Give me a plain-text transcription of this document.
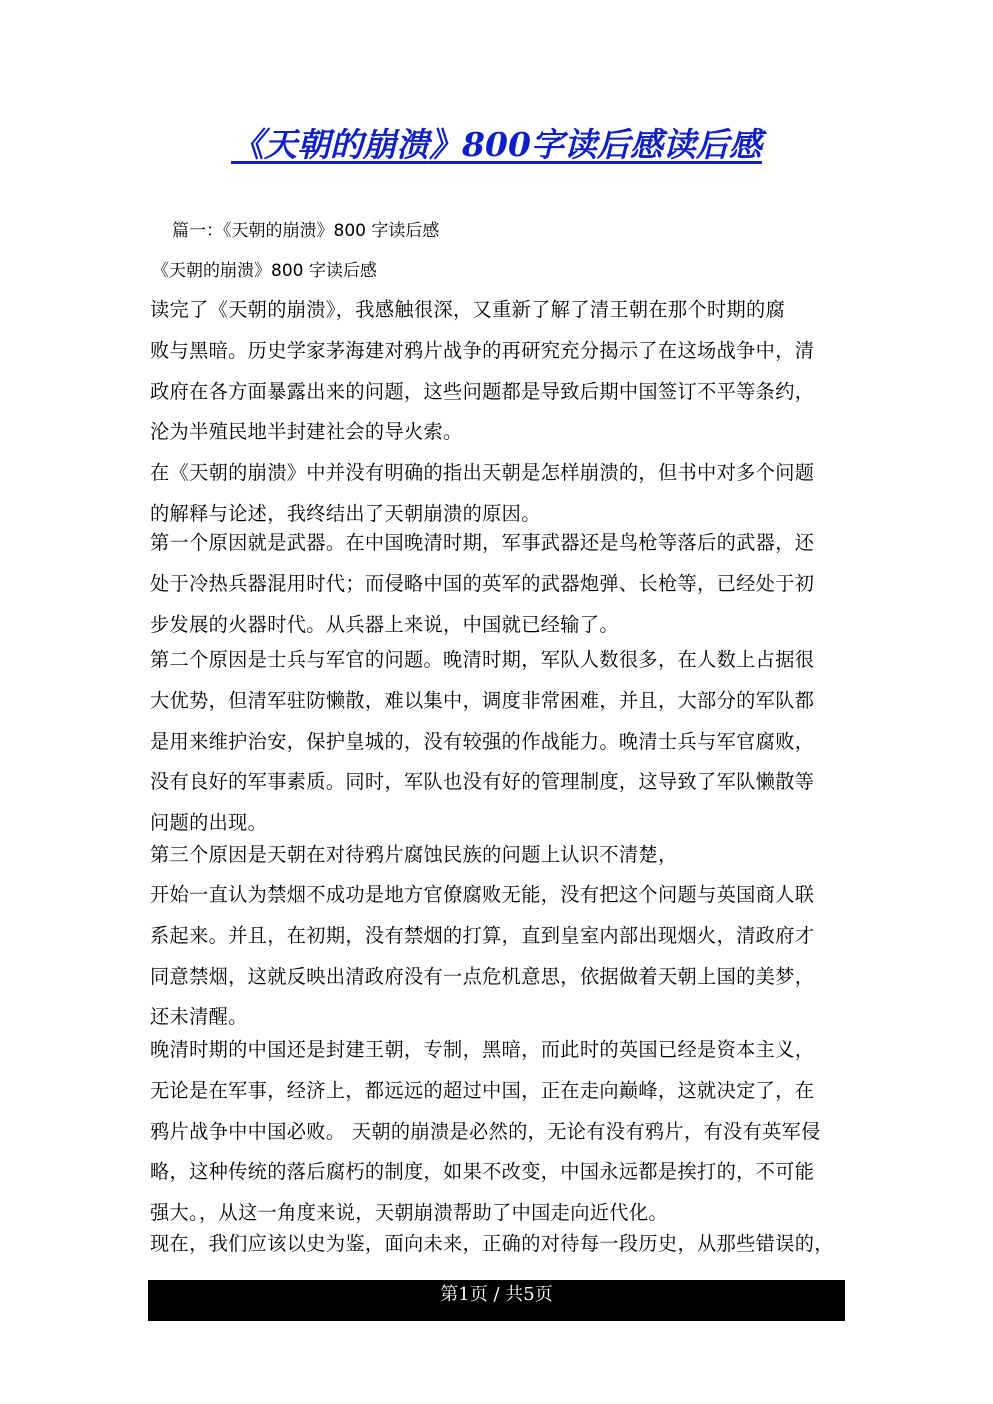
《天朝的崩溃》800字读后感读后感
篇一：《天朝的崩溃》800 字读后感
《天朝的崩溃》800 字读后感
读完了《天朝的崩溃》，我感触很深，又重新了解了清王朝在那个时期的腐
败与黑暗。历史学家茅海建对鸦片战争的再研究充分揭示了在这场战争中，清
政府在各方面暴露出来的问题，这些问题都是导致后期中国签订不平等条约，
沦为半殖民地半封建社会的导火索。
在《天朝的崩溃》中并没有明确的指出天朝是怎样崩溃的，但书中对多个问题
的解释与论述，我终结出了天朝崩溃的原因。
第一个原因就是武器。在中国晚清时期，军事武器还是鸟枪等落后的武器，还
处于冷热兵器混用时代；而侵略中国的英军的武器炮弹、长枪等，已经处于初
步发展的火器时代。从兵器上来说，中国就已经输了。
第二个原因是士兵与军官的问题。晚清时期，军队人数很多，在人数上占据很
大优势，但清军驻防懒散，难以集中，调度非常困难，并且，大部分的军队都
是用来维护治安，保护皇城的，没有较强的作战能力。晚清士兵与军官腐败，
没有良好的军事素质。同时，军队也没有好的管理制度，这导致了军队懒散等
问题的出现。
第三个原因是天朝在对待鸦片腐蚀民族的问题上认识不清楚，
开始一直认为禁烟不成功是地方官僚腐败无能，没有把这个问题与英国商人联
系起来。并且，在初期，没有禁烟的打算，直到皇室内部出现烟火，清政府才
同意禁烟，这就反映出清政府没有一点危机意思，依据做着天朝上国的美梦，
还未清醒。
晚清时期的中国还是封建王朝，专制，黑暗，而此时的英国已经是资本主义，
无论是在军事，经济上，都远远的超过中国，正在走向巅峰，这就决定了，在
鸦片战争中中国必败。 天朝的崩溃是必然的，无论有没有鸦片，有没有英军侵
略，这种传统的落后腐朽的制度，如果不改变，中国永远都是挨打的，不可能
强大。，从这一角度来说，天朝崩溃帮助了中国走向近代化。
现在，我们应该以史为鉴，面向未来，正确的对待每一段历史，从那些错误的，
第1页 / 共5页
